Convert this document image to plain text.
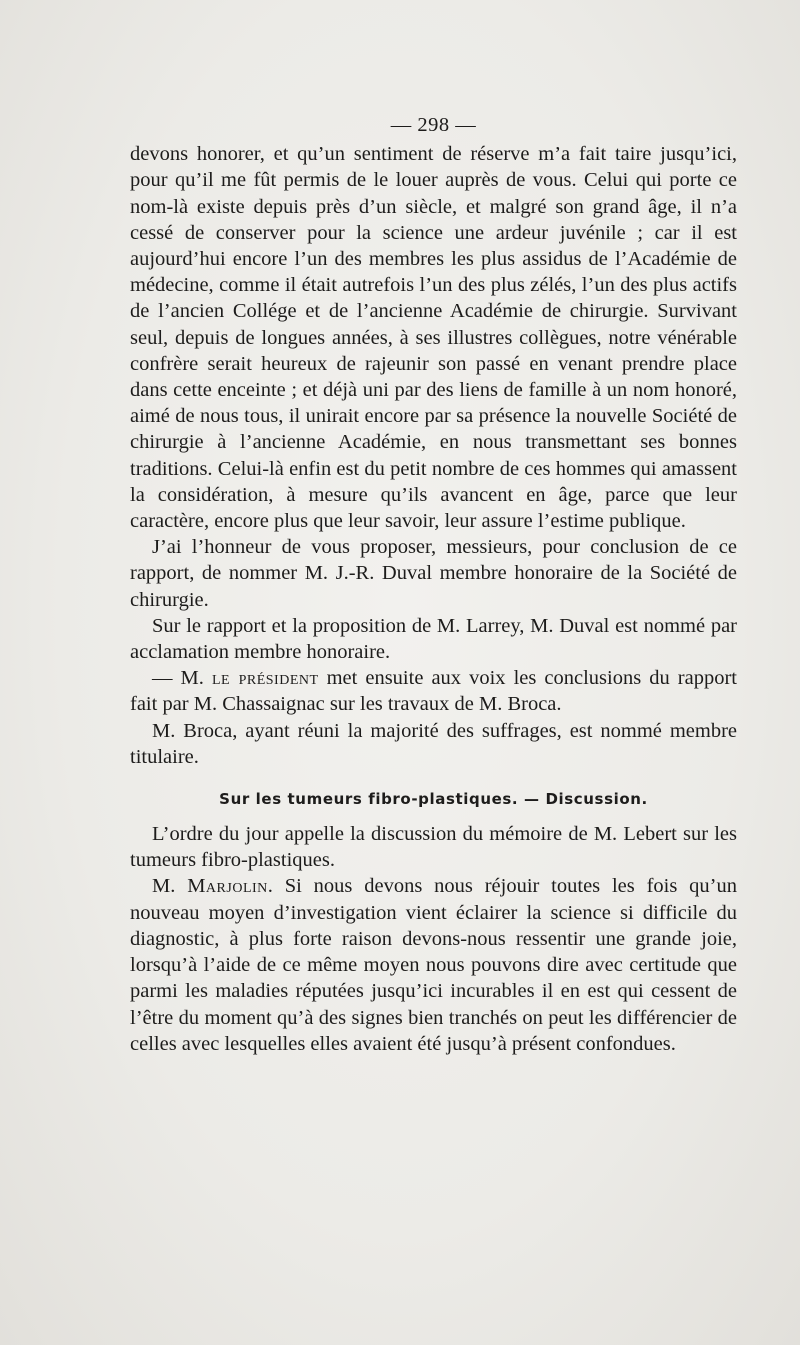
— 298 —

devons honorer, et qu’un sentiment de réserve m’a fait taire jusqu’ici, pour qu’il me fût permis de le louer auprès de vous. Celui qui porte ce nom-là existe depuis près d’un siècle, et malgré son grand âge, il n’a cessé de conserver pour la science une ardeur juvénile ; car il est aujourd’hui encore l’un des membres les plus assidus de l’Académie de médecine, comme il était autrefois l’un des plus zélés, l’un des plus actifs de l’ancien Collége et de l’ancienne Académie de chirurgie. Survivant seul, depuis de longues années, à ses illustres collègues, notre vénérable confrère serait heureux de rajeunir son passé en venant prendre place dans cette enceinte ; et déjà uni par des liens de famille à un nom honoré, aimé de nous tous, il unirait encore par sa présence la nouvelle Société de chirurgie à l’ancienne Académie, en nous transmettant ses bonnes traditions. Celui-là enfin est du petit nombre de ces hommes qui amassent la considération, à mesure qu’ils avancent en âge, parce que leur caractère, encore plus que leur savoir, leur assure l’estime publique.

J’ai l’honneur de vous proposer, messieurs, pour conclusion de ce rapport, de nommer M. J.-R. Duval membre honoraire de la Société de chirurgie.

Sur le rapport et la proposition de M. Larrey, M. Duval est nommé par acclamation membre honoraire.

— M. le président met ensuite aux voix les conclusions du rapport fait par M. Chassaignac sur les travaux de M. Broca.

M. Broca, ayant réuni la majorité des suffrages, est nommé membre titulaire.

Sur les tumeurs fibro-plastiques. — Discussion.

L’ordre du jour appelle la discussion du mémoire de M. Lebert sur les tumeurs fibro-plastiques.

M. Marjolin. Si nous devons nous réjouir toutes les fois qu’un nouveau moyen d’investigation vient éclairer la science si difficile du diagnostic, à plus forte raison devons-nous ressentir une grande joie, lorsqu’à l’aide de ce même moyen nous pouvons dire avec certitude que parmi les maladies réputées jusqu’ici incurables il en est qui cessent de l’être du moment qu’à des signes bien tranchés on peut les différencier de celles avec lesquelles elles avaient été jusqu’à présent confondues.
